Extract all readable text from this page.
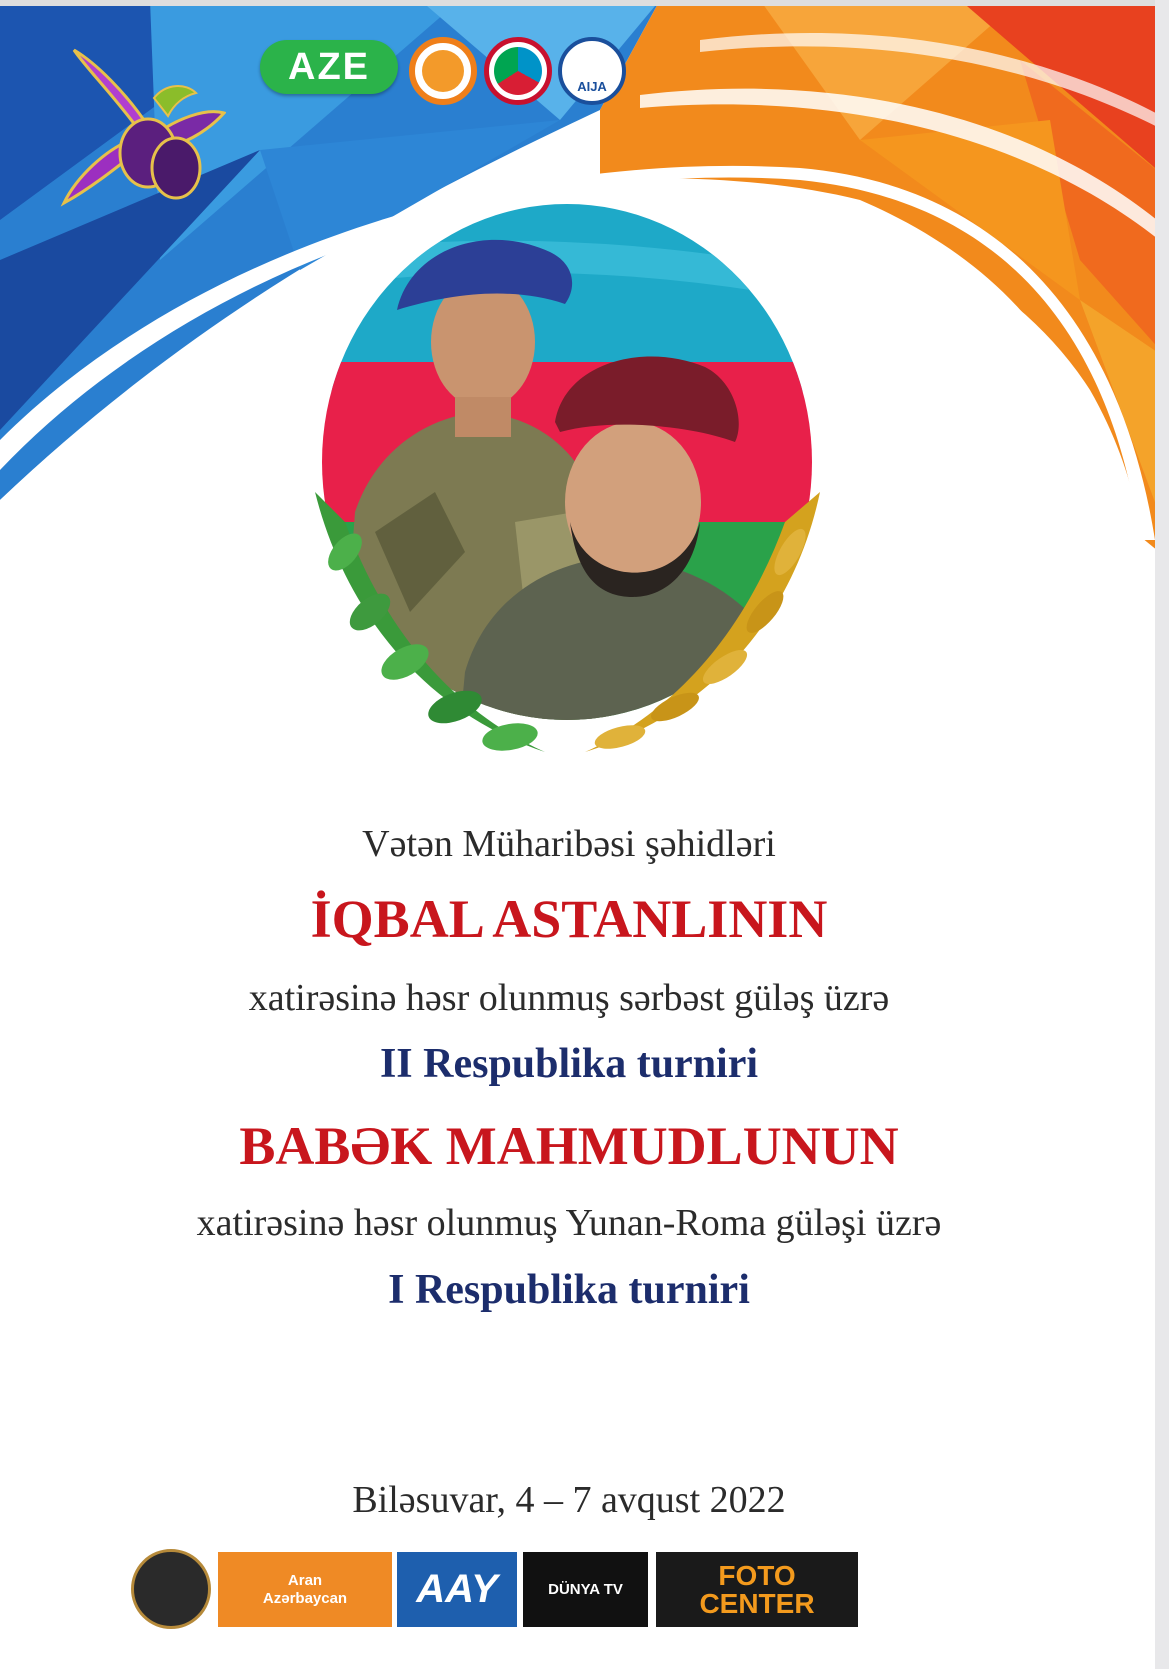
AZE	AIJA

Vətən Müharibəsi şəhidləri

İQBAL ASTANLININ

xatirəsinə həsr olunmuş sərbəst güləş üzrə

II Respublika turniri

BABƏK MAHMUDLUNUN

xatirəsinə həsr olunmuş Yunan-Roma güləşi üzrə

I Respublika turniri

Biləsuvar, 4 – 7 avqust 2022

Aran
Azərbaycan	AAY	DÜNYA TV	FOTO
CENTER
